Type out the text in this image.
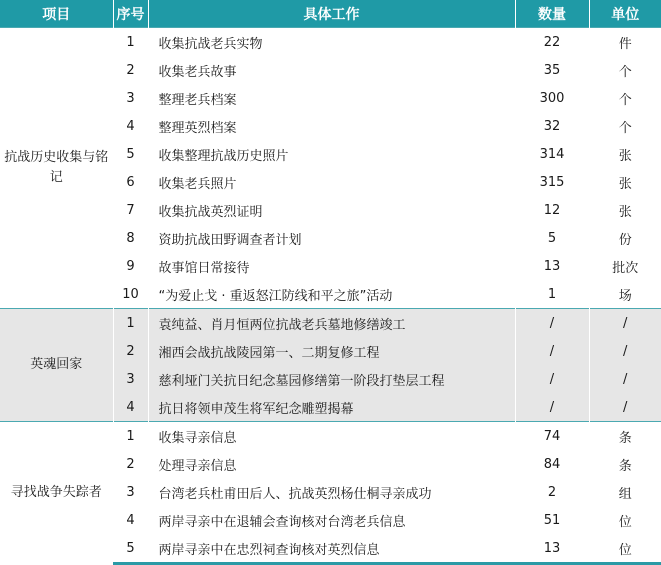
项目	序号	具体工作	数量	单位
抗战历史收集与铭记	1	收集抗战老兵实物	22	件
	2	收集老兵故事	35	个
	3	整理老兵档案	300	个
	4	整理英烈档案	32	个
	5	收集整理抗战历史照片	314	张
	6	收集老兵照片	315	张
	7	收集抗战英烈证明	12	张
	8	资助抗战田野调查者计划	5	份
	9	故事馆日常接待	13	批次
	10	“为爱止戈 · 重返怒江防线和平之旅”活动	1	场
英魂回家	1	袁纯益、肖月恒两位抗战老兵墓地修缮竣工	/	/
	2	湘西会战抗战陵园第一、二期复修工程	/	/
	3	慈利垭门关抗日纪念墓园修缮第一阶段打垫层工程	/	/
	4	抗日将领申茂生将军纪念雕塑揭幕	/	/
寻找战争失踪者	1	收集寻亲信息	74	条
	2	处理寻亲信息	84	条
	3	台湾老兵杜甫田后人、抗战英烈杨仕桐寻亲成功	2	组
	4	两岸寻亲中在退辅会查询核对台湾老兵信息	51	位
	5	两岸寻亲中在忠烈祠查询核对英烈信息	13	位
